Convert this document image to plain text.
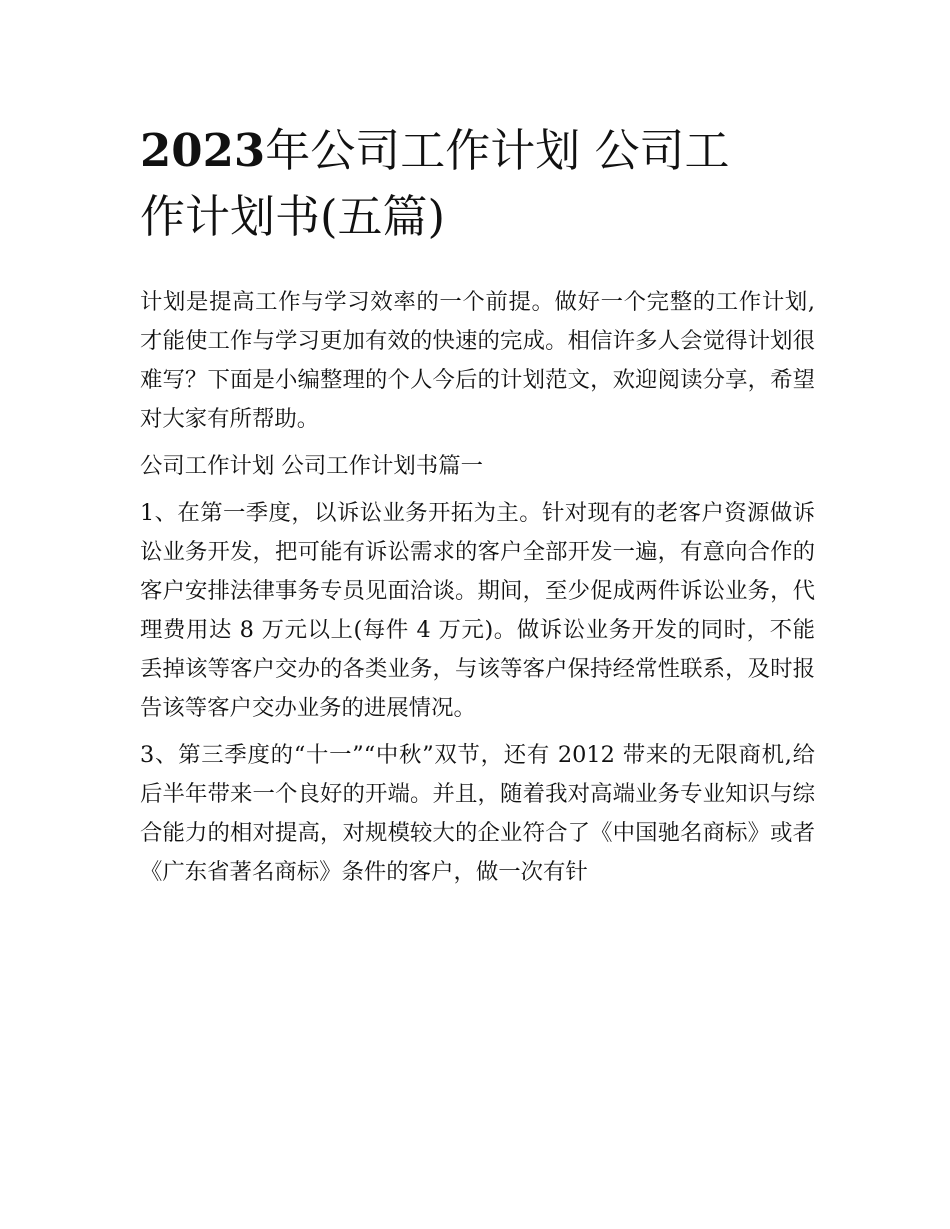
2023年公司工作计划 公司工
作计划书(五篇)

计划是提高工作与学习效率的一个前提。做好一个完整的工作计划,才能使工作与学习更加有效的快速的完成。相信许多人会觉得计划很难写？下面是小编整理的个人今后的计划范文，欢迎阅读分享，希望对大家有所帮助。

公司工作计划 公司工作计划书篇一

1、在第一季度，以诉讼业务开拓为主。针对现有的老客户资源做诉讼业务开发，把可能有诉讼需求的客户全部开发一遍，有意向合作的客户安排法律事务专员见面洽谈。期间，至少促成两件诉讼业务，代理费用达 8 万元以上(每件 4 万元)。做诉讼业务开发的同时，不能丢掉该等客户交办的各类业务，与该等客户保持经常性联系，及时报告该等客户交办业务的进展情况。

3、第三季度的“十一”“中秋”双节，还有 2012 带来的无限商机,给后半年带来一个良好的开端。并且，随着我对高端业务专业知识与综合能力的相对提高，对规模较大的企业符合了《中国驰名商标》或者《广东省著名商标》条件的客户，做一次有针
